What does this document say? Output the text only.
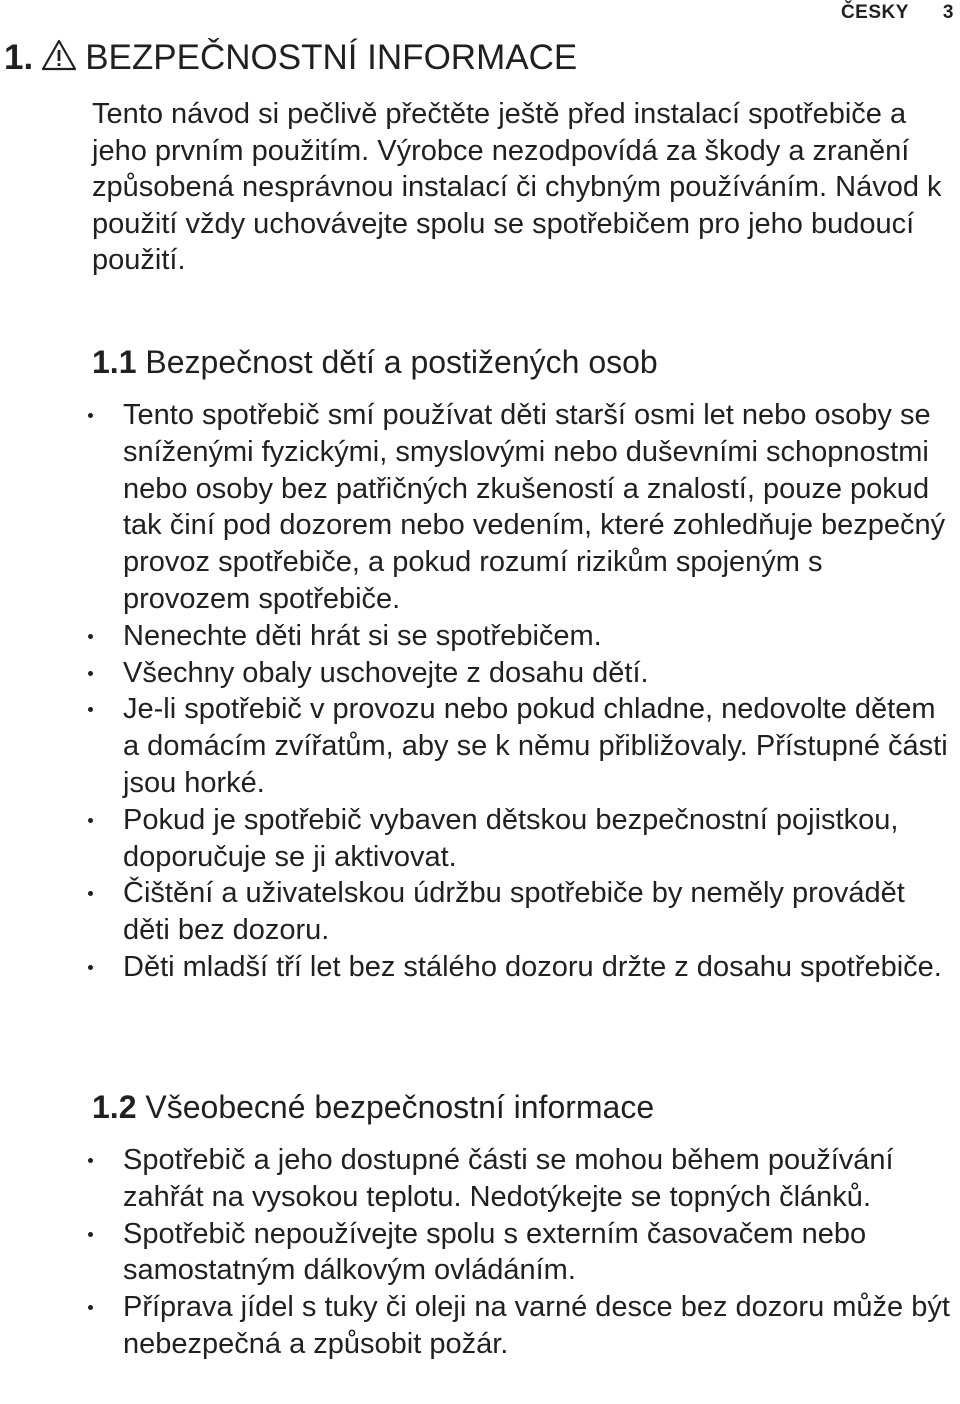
ČESKY 3
1. BEZPEČNOSTNÍ INFORMACE

Tento návod si pečlivě přečtěte ještě před instalací spotřebiče a jeho prvním použitím. Výrobce nezodpovídá za škody a zranění způsobená nesprávnou instalací či chybným používáním. Návod k použití vždy uchovávejte spolu se spotřebičem pro jeho budoucí použití.

1.1 Bezpečnost dětí a postižených osob
Tento spotřebič smí používat děti starší osmi let nebo osoby se sníženými fyzickými, smyslovými nebo duševními schopnostmi nebo osoby bez patřičných zkušeností a znalostí, pouze pokud tak činí pod dozorem nebo vedením, které zohledňuje bezpečný provoz spotřebiče, a pokud rozumí rizikům spojeným s provozem spotřebiče.
Nenechte děti hrát si se spotřebičem.
Všechny obaly uschovejte z dosahu dětí.
Je-li spotřebič v provozu nebo pokud chladne, nedovolte dětem a domácím zvířatům, aby se k němu přibližovaly. Přístupné části jsou horké.
Pokud je spotřebič vybaven dětskou bezpečnostní pojistkou, doporučuje se ji aktivovat.
Čištění a uživatelskou údržbu spotřebiče by neměly provádět děti bez dozoru.
Děti mladší tří let bez stálého dozoru držte z dosahu spotřebiče.
1.2 Všeobecné bezpečnostní informace
Spotřebič a jeho dostupné části se mohou během používání zahřát na vysokou teplotu. Nedotýkejte se topných článků.
Spotřebič nepoužívejte spolu s externím časovačem nebo samostatným dálkovým ovládáním.
Příprava jídel s tuky či oleji na varné desce bez dozoru může být nebezpečná a způsobit požár.
